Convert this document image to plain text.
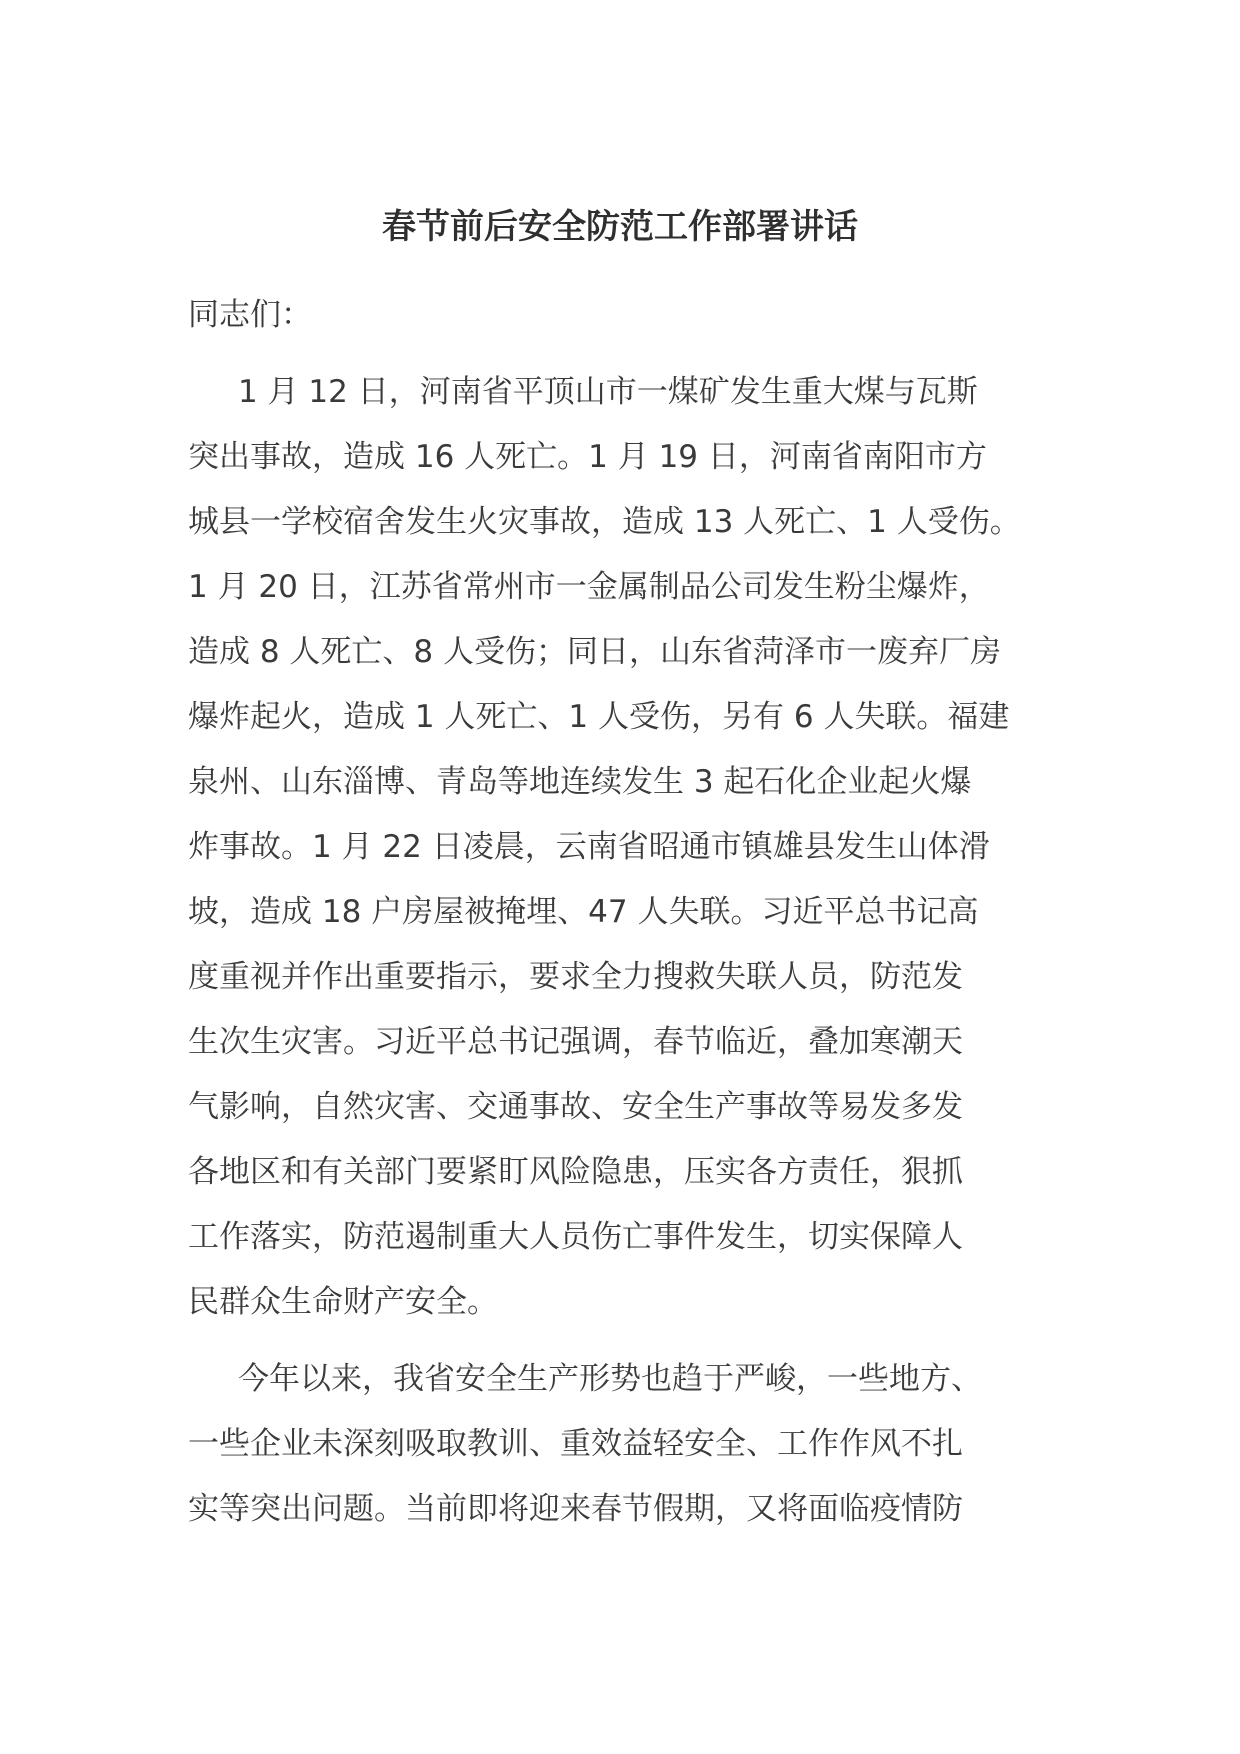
春节前后安全防范工作部署讲话
同志们：
1 月 12 日，河南省平顶山市一煤矿发生重大煤与瓦斯
突出事故，造成 16 人死亡。1 月 19 日，河南省南阳市方
城县一学校宿舍发生火灾事故，造成 13 人死亡、1 人受伤。
1 月 20 日，江苏省常州市一金属制品公司发生粉尘爆炸，
造成 8 人死亡、8 人受伤；同日，山东省菏泽市一废弃厂房
爆炸起火，造成 1 人死亡、1 人受伤，另有 6 人失联。福建
泉州、山东淄博、青岛等地连续发生 3 起石化企业起火爆
炸事故。1 月 22 日凌晨，云南省昭通市镇雄县发生山体滑
坡，造成 18 户房屋被掩埋、47 人失联。习近平总书记高
度重视并作出重要指示，要求全力搜救失联人员，防范发
生次生灾害。习近平总书记强调，春节临近，叠加寒潮天
气影响，自然灾害、交通事故、安全生产事故等易发多发
各地区和有关部门要紧盯风险隐患，压实各方责任，狠抓
工作落实，防范遏制重大人员伤亡事件发生，切实保障人
民群众生命财产安全。
今年以来，我省安全生产形势也趋于严峻，一些地方、
一些企业未深刻吸取教训、重效益轻安全、工作作风不扎
实等突出问题。当前即将迎来春节假期，又将面临疫情防
